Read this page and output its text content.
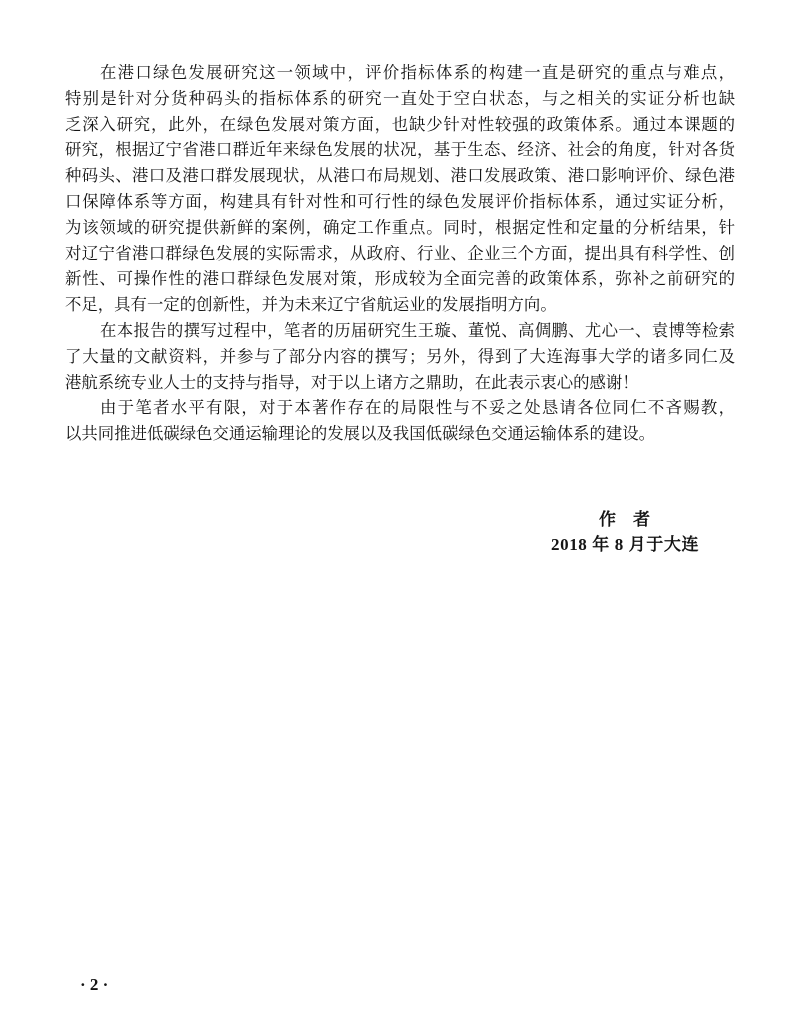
在港口绿色发展研究这一领域中，评价指标体系的构建一直是研究的重点与难点，
特别是针对分货种码头的指标体系的研究一直处于空白状态，与之相关的实证分析也缺
乏深入研究，此外，在绿色发展对策方面，也缺少针对性较强的政策体系。通过本课题的
研究，根据辽宁省港口群近年来绿色发展的状况，基于生态、经济、社会的角度，针对各货
种码头、港口及港口群发展现状，从港口布局规划、港口发展政策、港口影响评价、绿色港
口保障体系等方面，构建具有针对性和可行性的绿色发展评价指标体系，通过实证分析，
为该领域的研究提供新鲜的案例，确定工作重点。同时，根据定性和定量的分析结果，针
对辽宁省港口群绿色发展的实际需求，从政府、行业、企业三个方面，提出具有科学性、创
新性、可操作性的港口群绿色发展对策，形成较为全面完善的政策体系，弥补之前研究的
不足，具有一定的创新性，并为未来辽宁省航运业的发展指明方向。
在本报告的撰写过程中，笔者的历届研究生王璇、董悦、高倜鹏、尤心一、袁博等检索
了大量的文献资料，并参与了部分内容的撰写；另外，得到了大连海事大学的诸多同仁及
港航系统专业人士的支持与指导，对于以上诸方之鼎助，在此表示衷心的感谢！
由于笔者水平有限，对于本著作存在的局限性与不妥之处恳请各位同仁不吝赐教，
以共同推进低碳绿色交通运输理论的发展以及我国低碳绿色交通运输体系的建设。
作　者
2018 年 8 月于大连
· 2 ·
